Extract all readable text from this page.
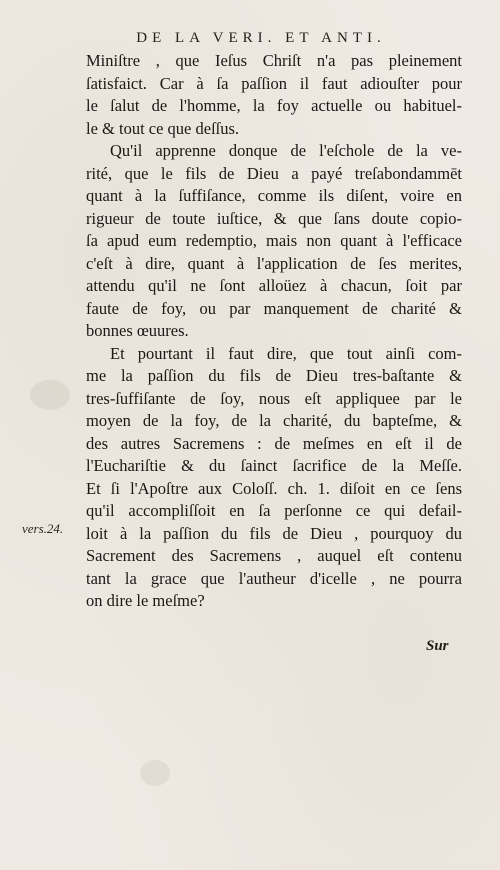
DE LA VERI. ET ANTI.
Miniſtre , que Ieſus Chriſt n'a pas pleinement
ſatisfaict. Car à ſa paſſion il faut adiouſter pour
le ſalut de l'homme, la foy actuelle ou habituel-
le & tout ce que deſſus.
Qu'il apprenne donque de l'eſchole de la ve-
rité, que le fils de Dieu a payé treſabondammēt
quant à la ſuffiſance, comme ils diſent, voire en
rigueur de toute iuſtice, & que ſans doute copio-
ſa apud eum redemptio, mais non quant à l'efficace
c'eſt à dire, quant à l'application de ſes merites,
attendu qu'il ne ſont alloüez à chacun, ſoit par
faute de foy, ou par manquement de charité &
bonnes œuures.
Et pourtant il faut dire, que tout ainſi com-
me la paſſion du fils de Dieu tres-baſtante &
tres-ſuffiſante de ſoy, nous eſt appliquee par le
moyen de la foy, de la charité, du bapteſme, &
des autres Sacremens : de meſmes en eſt il de
l'Euchariſtie & du ſainct ſacrifice de la Meſſe.
Et ſi l'Apoſtre aux Coloſſ. ch. 1. diſoit en ce ſens
qu'il accompliſſoit en ſa perſonne ce qui defail-
loit à la paſſion du fils de Dieu , pourquoy du
Sacrement des Sacremens , auquel eſt contenu
tant la grace que l'autheur d'icelle , ne pourra
on dire le meſme?
vers.24.
Sur
